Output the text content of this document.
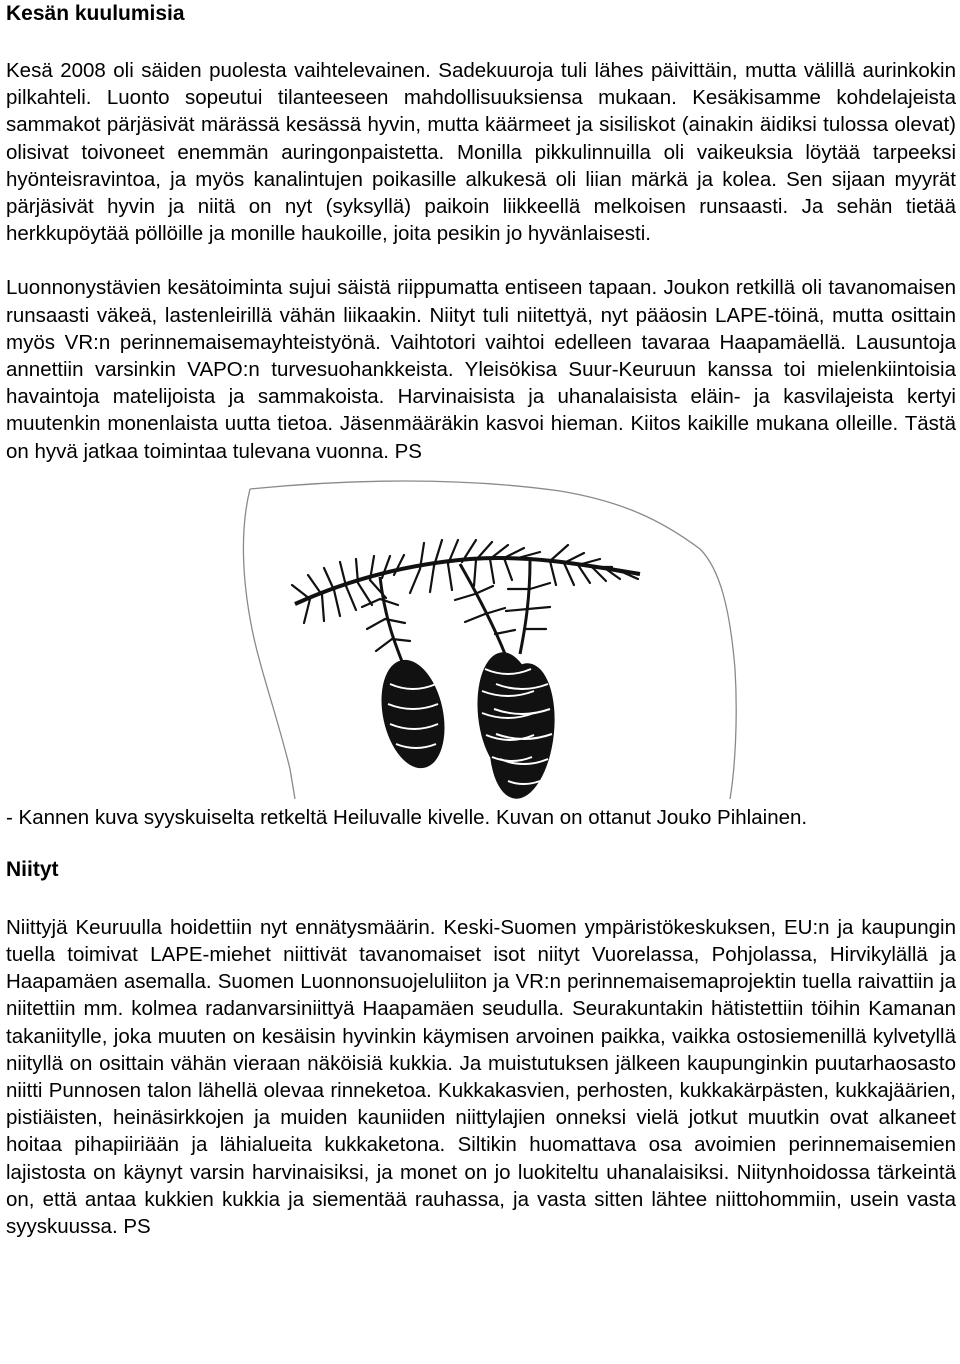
Kesän kuulumisia

Kesä 2008 oli säiden puolesta vaihtelevainen. Sadekuuroja tuli lähes päivittäin, mutta välillä aurinkokin pilkahteli. Luonto sopeutui tilanteeseen mahdollisuuksiensa mukaan. Kesäkisamme kohdelajeista sammakot pärjäsivät märässä kesässä hyvin, mutta käärmeet ja sisiliskot (ainakin äidiksi tulossa olevat) olisivat toivoneet enemmän auringonpaistetta. Monilla pikkulinnuilla oli vaikeuksia löytää tarpeeksi hyönteisravintoa, ja myös kanalintujen poikasille alkukesä oli liian märkä ja kolea. Sen sijaan myyrät pärjäsivät hyvin ja niitä on nyt (syksyllä) paikoin liikkeellä melkoisen runsaasti. Ja sehän tietää herkkupöytää pöllöille ja monille haukoille, joita pesikin jo hyvänlaisesti.

Luonnonystävien kesätoiminta sujui säistä riippumatta entiseen tapaan. Joukon retkillä oli tavanomaisen runsaasti väkeä, lastenleirillä vähän liikaakin. Niityt tuli niitettyä, nyt pääosin LAPE-töinä, mutta osittain myös VR:n perinnemaisemayhteistyönä. Vaihtotori vaihtoi edelleen tavaraa Haapamäellä. Lausuntoja annettiin varsinkin VAPO:n turvesuohankkeista. Yleisökisa Suur-Keuruun kanssa toi mielenkiintoisia havaintoja matelijoista ja sammakoista. Harvinaisista ja uhanalaisista eläin- ja kasvilajeista kertyi muutenkin monenlaista uutta tietoa. Jäsenmääräkin kasvoi hieman. Kiitos kaikille mukana olleille. Tästä on hyvä jatkaa toimintaa tulevana vuonna. PS

- Kannen kuva syyskuiselta retkeltä Heiluvalle kivelle. Kuvan on ottanut Jouko Pihlainen.
Niityt

Niittyjä Keuruulla hoidettiin nyt ennätysmäärin. Keski-Suomen ympäristökeskuksen, EU:n ja kaupungin tuella toimivat LAPE-miehet niittivät tavanomaiset isot niityt Vuorelassa, Pohjolassa, Hirvikylällä ja Haapamäen asemalla. Suomen Luonnonsuojeluliiton ja VR:n perinnemaisemaprojektin tuella raivattiin ja niitettiin mm. kolmea radanvarsiniittyä Haapamäen seudulla. Seurakuntakin hätistettiin töihin Kamanan takaniitylle, joka muuten on kesäisin hyvinkin käymisen arvoinen paikka, vaikka ostosiemenillä kylvetyllä niityllä on osittain vähän vieraan näköisiä kukkia. Ja muistutuksen jälkeen kaupunginkin puutarhaosasto niitti Punnosen talon lähellä olevaa rinneketoa. Kukkakasvien, perhosten, kukkakärpästen, kukkajäärien, pistiäisten, heinäsirkkojen ja muiden kauniiden niittylajien onneksi vielä jotkut muutkin ovat alkaneet hoitaa pihapiiriään ja lähialueita kukkaketona. Siltikin huomattava osa avoimien perinnemaisemien lajistosta on käynyt varsin harvinaisiksi, ja monet on jo luokiteltu uhanalaisiksi. Niitynhoidossa tärkeintä on, että antaa kukkien kukkia ja siementää rauhassa, ja vasta sitten lähtee niittohommiin, usein vasta syyskuussa. PS
